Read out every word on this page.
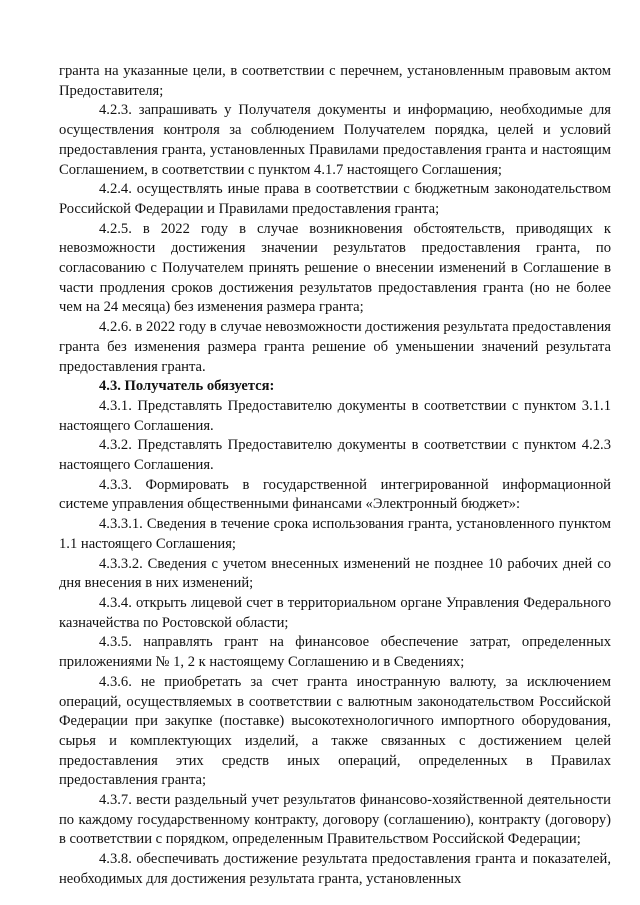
гранта на указанные цели, в соответствии с перечнем, установленным правовым актом Предоставителя;

4.2.3. запрашивать у Получателя документы и информацию, необходимые для осуществления контроля за соблюдением Получателем порядка, целей и условий предоставления гранта, установленных Правилами предоставления гранта и настоящим Соглашением, в соответствии с пунктом 4.1.7 настоящего Соглашения;

4.2.4. осуществлять иные права в соответствии с бюджетным законодательством Российской Федерации и Правилами предоставления гранта;

4.2.5. в 2022 году в случае возникновения обстоятельств, приводящих к невозможности достижения значении результатов предоставления гранта, по согласованию с Получателем принять решение о внесении изменений в Соглашение в части продления сроков достижения результатов предоставления гранта (но не более чем на 24 месяца) без изменения размера гранта;

4.2.6. в 2022 году в случае невозможности достижения результата предоставления гранта без изменения размера гранта решение об уменьшении значений результата предоставления гранта.

4.3. Получатель обязуется:

4.3.1. Представлять Предоставителю документы в соответствии с пунктом 3.1.1 настоящего Соглашения.

4.3.2. Представлять Предоставителю документы в соответствии с пунктом 4.2.3 настоящего Соглашения.

4.3.3. Формировать в государственной интегрированной информационной системе управления общественными финансами «Электронный бюджет»:

4.3.3.1. Сведения в течение срока использования гранта, установленного пунктом 1.1 настоящего Соглашения;

4.3.3.2. Сведения с учетом внесенных изменений не позднее 10 рабочих дней со дня внесения в них изменений;

4.3.4. открыть лицевой счет в территориальном органе Управления Федерального казначейства по Ростовской области;

4.3.5. направлять грант на финансовое обеспечение затрат, определенных приложениями № 1, 2 к настоящему Соглашению и в Сведениях;

4.3.6. не приобретать за счет гранта иностранную валюту, за исключением операций, осуществляемых в соответствии с валютным законодательством Российской Федерации при закупке (поставке) высокотехнологичного импортного оборудования, сырья и комплектующих изделий, а также связанных с достижением целей предоставления этих средств иных операций, определенных в Правилах предоставления гранта;

4.3.7. вести раздельный учет результатов финансово-хозяйственной деятельности по каждому государственному контракту, договору (соглашению), контракту (договору) в соответствии с порядком, определенным Правительством Российской Федерации;

4.3.8. обеспечивать достижение результата предоставления гранта и показателей, необходимых для достижения результата гранта, установленных
